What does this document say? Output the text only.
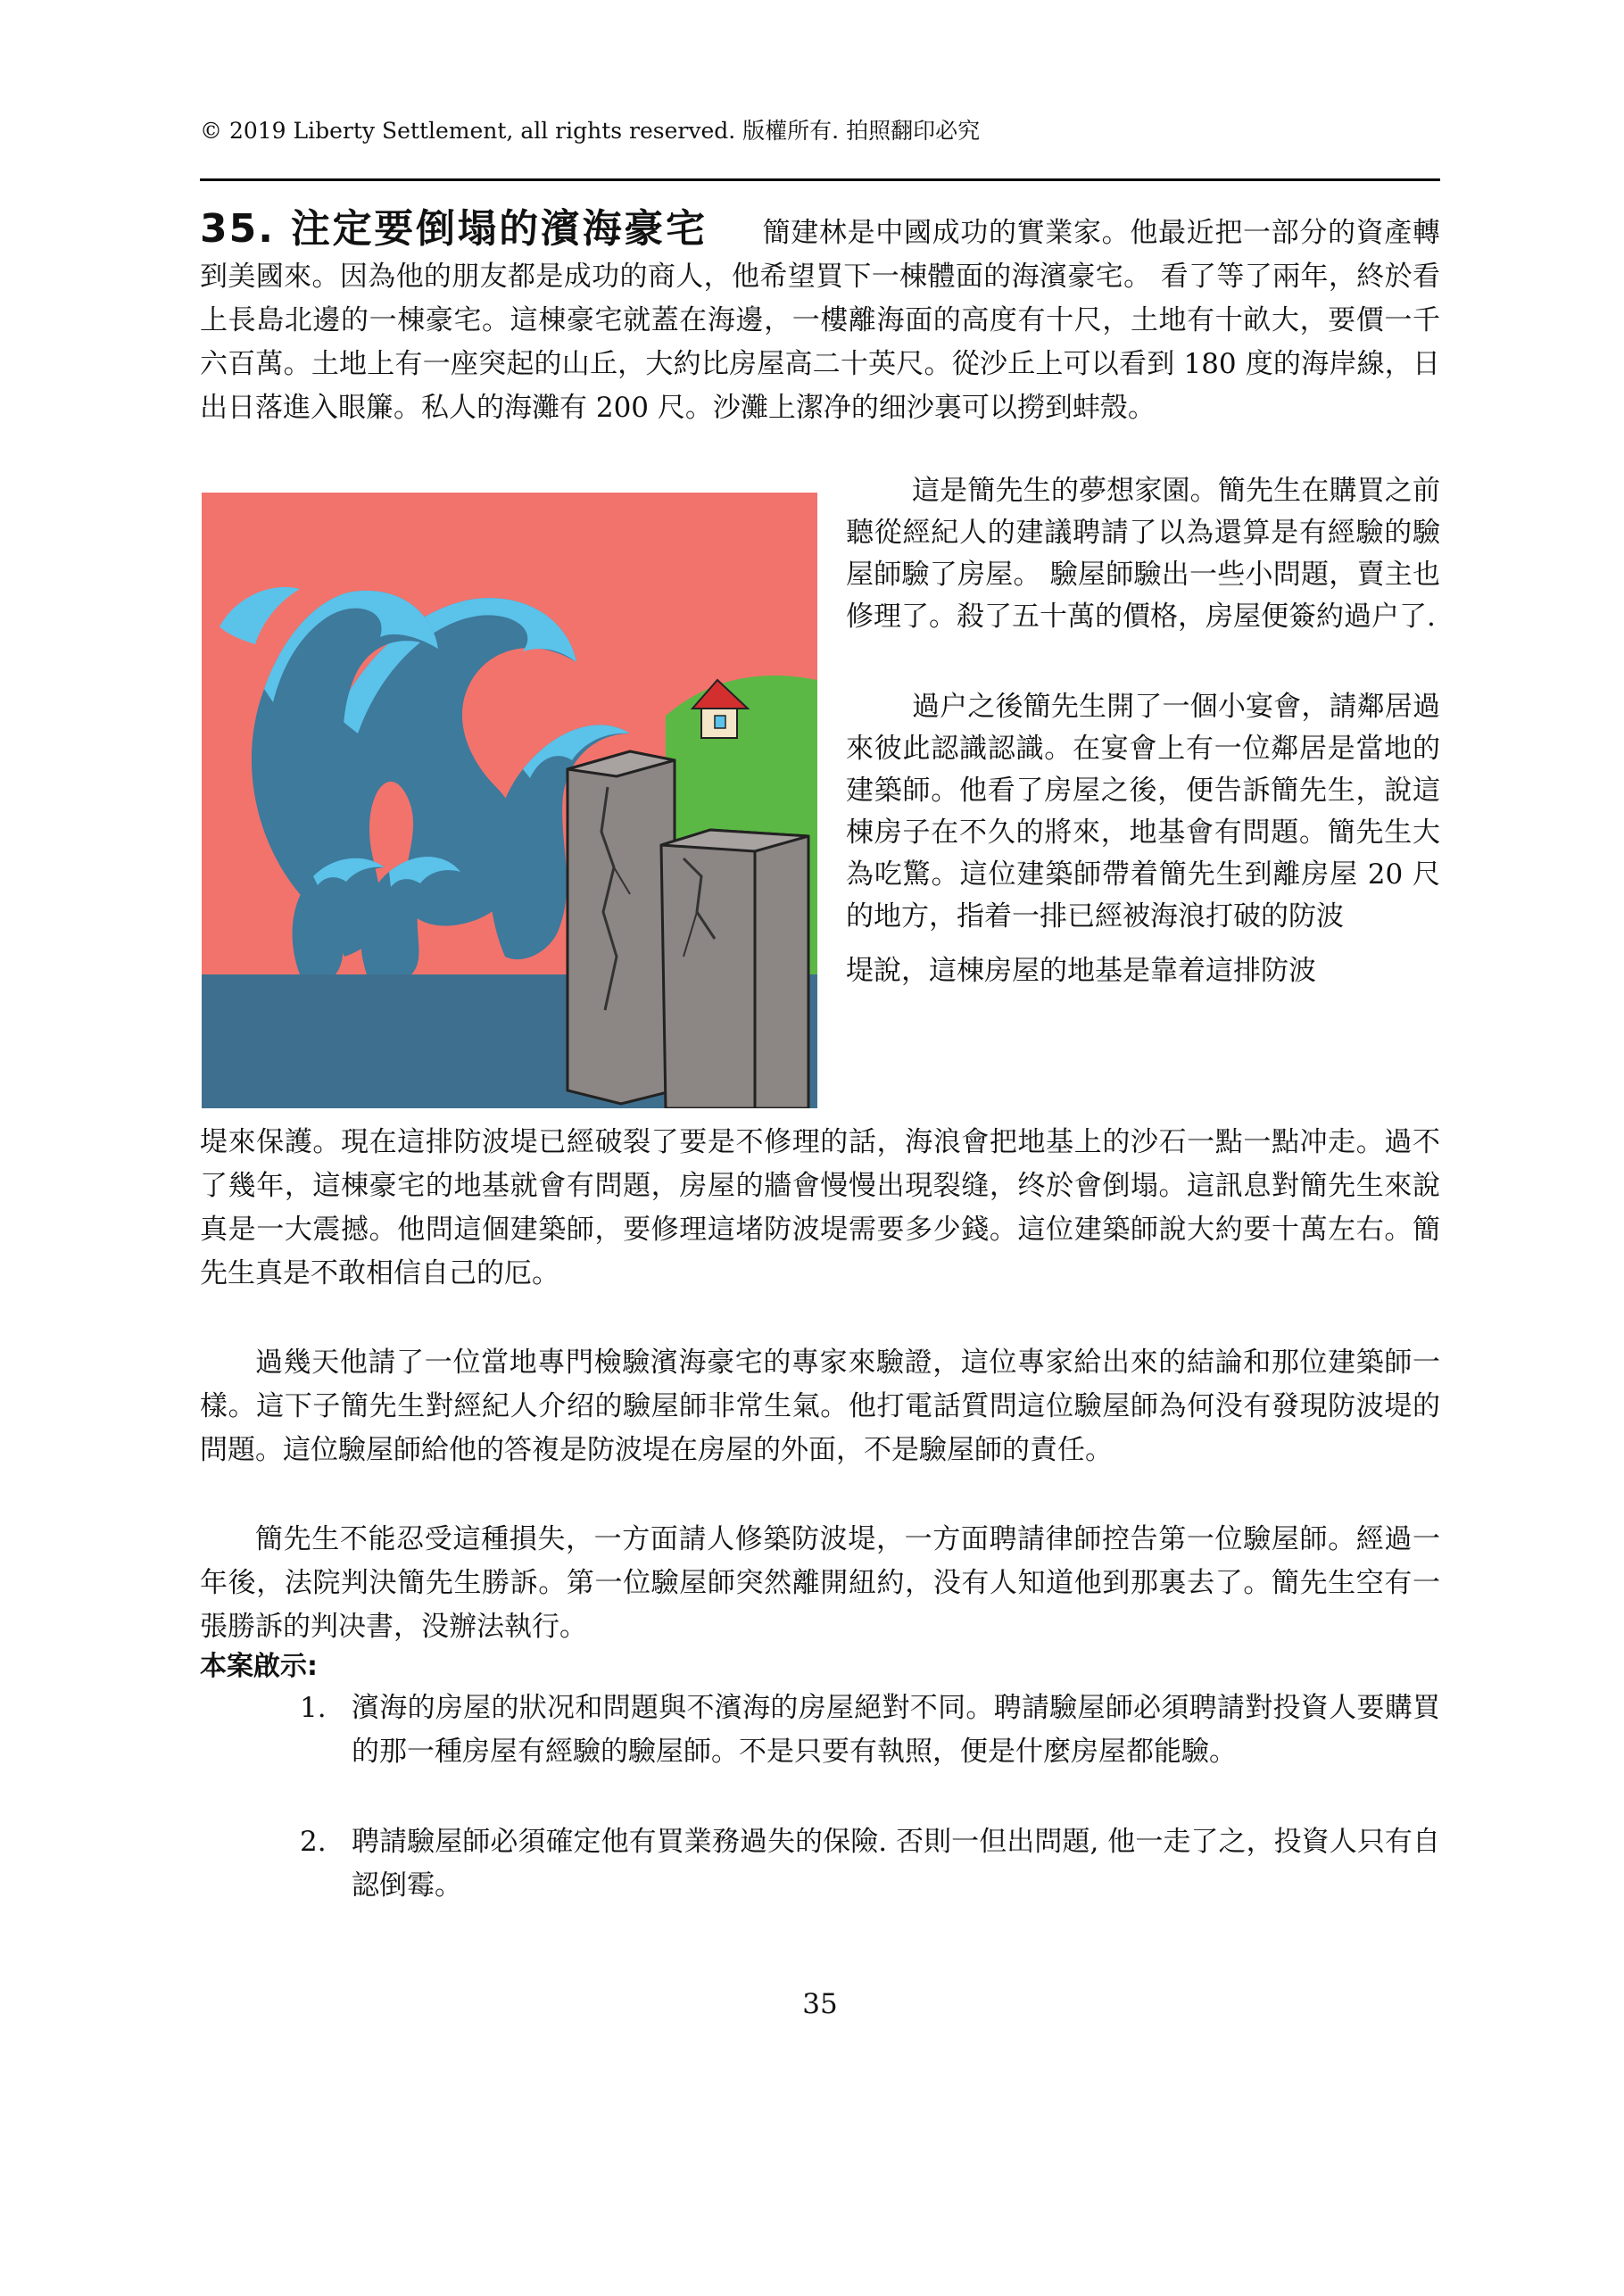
© 2019 Liberty Settlement, all rights reserved. 版權所有. 拍照翻印必究
35. 注定要倒塌的濱海豪宅 簡建林是中國成功的實業家。他最近把一部分的資產轉到美國來。因為他的朋友都是成功的商人，他希望買下一棟體面的海濱豪宅。 看了等了兩年，終於看上長島北邊的一棟豪宅。這棟豪宅就蓋在海邊，一樓離海面的高度有十尺，土地有十畝大，要價一千六百萬。土地上有一座突起的山丘，大約比房屋高二十英尺。從沙丘上可以看到 180 度的海岸線，日出日落進入眼簾。私人的海灘有 200 尺。沙灘上潔净的细沙裏可以撈到蚌殼。

這是簡先生的夢想家園。簡先生在購買之前聽從經紀人的建議聘請了以為還算是有經驗的驗屋師驗了房屋。 驗屋師驗出一些小問題，賣主也修理了。殺了五十萬的價格，房屋便簽約過户了.

過户之後簡先生開了一個小宴會，請鄰居過來彼此認識認識。在宴會上有一位鄰居是當地的建築師。他看了房屋之後，便告訴簡先生，說這棟房子在不久的將來，地基會有問題。簡先生大為吃驚。這位建築師帶着簡先生到離房屋 20 尺的地方，指着一排已經被海浪打破的防波

堤說，這棟房屋的地基是靠着這排防波

堤來保護。現在這排防波堤已經破裂了要是不修理的話，海浪會把地基上的沙石一點一點冲走。過不了幾年，這棟豪宅的地基就會有問題，房屋的牆會慢慢出現裂缝，终於會倒塌。這訊息對簡先生來說真是一大震撼。他問這個建築師，要修理這堵防波堤需要多少錢。這位建築師說大約要十萬左右。簡先生真是不敢相信自己的厄。

過幾天他請了一位當地專門檢驗濱海豪宅的專家來驗證，這位專家給出來的結論和那位建築師一樣。這下子簡先生對經紀人介绍的驗屋師非常生氣。他打電話質問這位驗屋師為何没有發現防波堤的問題。這位驗屋師給他的答複是防波堤在房屋的外面，不是驗屋師的責任。

簡先生不能忍受這種損失，一方面請人修築防波堤，一方面聘請律師控告第一位驗屋師。經過一年後，法院判決簡先生勝訴。第一位驗屋師突然離開紐約，没有人知道他到那裏去了。簡先生空有一張勝訴的判决書，没辦法執行。

本案啟示:

1. 濱海的房屋的狀况和問題與不濱海的房屋絕對不同。聘請驗屋師必須聘請對投資人要購買的那一種房屋有經驗的驗屋師。不是只要有執照，便是什麼房屋都能驗。
2. 聘請驗屋師必須確定他有買業務過失的保險. 否則一但出問題, 他一走了之，投資人只有自認倒霉。
35
